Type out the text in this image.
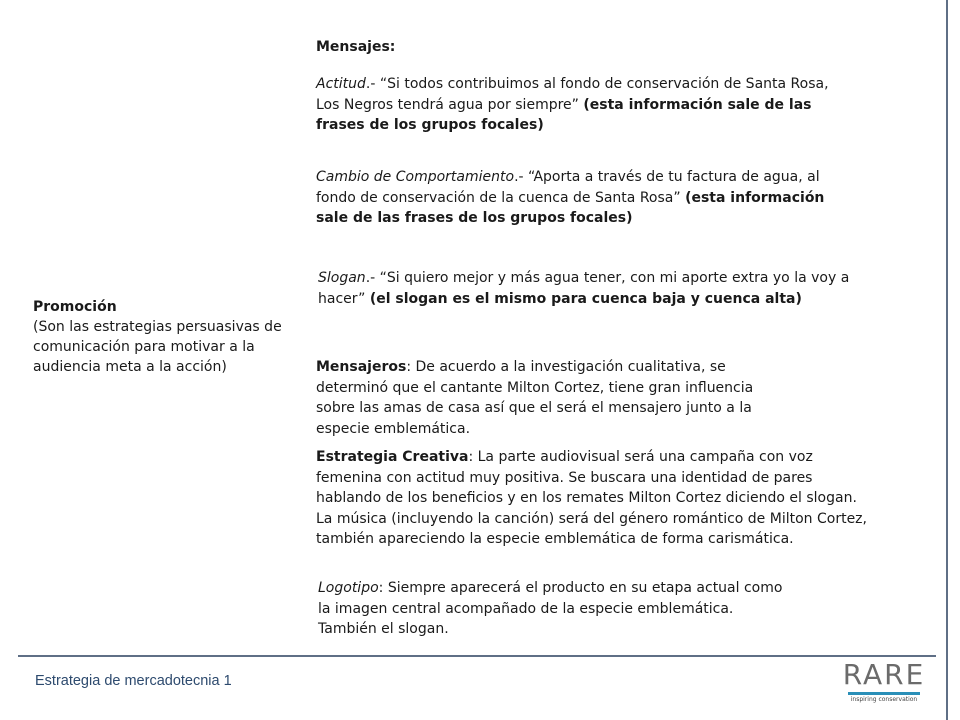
Promoción
(Son las estrategias persuasivas de comunicación para motivar a la audiencia meta a la acción)
Mensajes:
Actitud.- “Si todos contribuimos al fondo de conservación de Santa Rosa, Los Negros tendrá agua por siempre” (esta información sale de las frases de los grupos focales)
Cambio de Comportamiento.- “Aporta a través de tu factura de agua, al fondo de conservación de la cuenca de Santa Rosa” (esta información sale de las frases de los grupos focales)
Slogan.- “Si quiero mejor y más agua tener, con mi aporte extra yo la voy a hacer” (el slogan es el mismo para cuenca baja y cuenca alta)
Mensajeros: De acuerdo a la investigación cualitativa, se determinó que el cantante Milton Cortez, tiene gran influencia sobre las amas de casa así que el será el mensajero junto a la especie emblemática.
Estrategia Creativa: La parte audiovisual será una campaña con voz femenina con actitud muy positiva. Se buscara una identidad de pares hablando de los beneficios y en los remates Milton Cortez diciendo el slogan. La música (incluyendo la canción) será del género romántico de Milton Cortez, también apareciendo la especie emblemática de forma carismática.
Logotipo: Siempre aparecerá el producto en su etapa actual como la imagen central acompañado de la especie emblemática. También el slogan.
Estrategia de mercadotecnia 1	RARE
inspiring conservation
